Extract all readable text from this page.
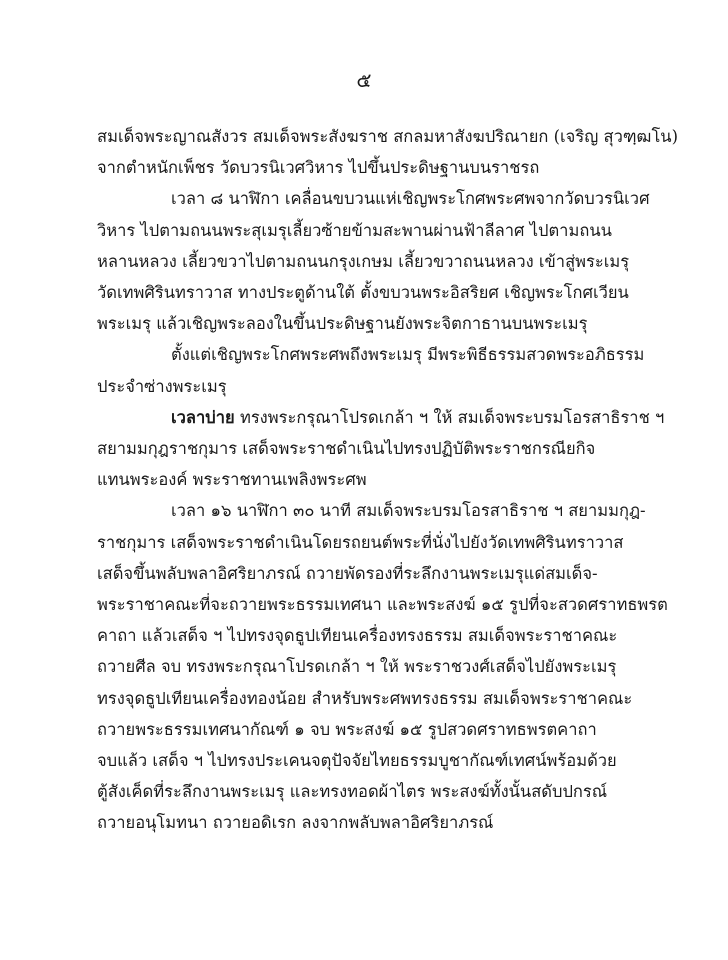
๕
สมเด็จพระญาณสังวร สมเด็จพระสังฆราช สกลมหาสังฆปริณายก (เจริญ สุวฑฺฒโน)
จากตำหนักเพ็ชร วัดบวรนิเวศวิหาร ไปขึ้นประดิษฐานบนราชรถ
เวลา ๘ นาฬิกา เคลื่อนขบวนแห่เชิญพระโกศพระศพจากวัดบวรนิเวศ
วิหาร ไปตามถนนพระสุเมรุเลี้ยวซ้ายข้ามสะพานผ่านฟ้าลีลาศ ไปตามถนน
หลานหลวง เลี้ยวขวาไปตามถนนกรุงเกษม เลี้ยวขวาถนนหลวง เข้าสู่พระเมรุ
วัดเทพศิรินทราวาส ทางประตูด้านใต้ ตั้งขบวนพระอิสริยศ เชิญพระโกศเวียน
พระเมรุ แล้วเชิญพระลองในขึ้นประดิษฐานยังพระจิตกาธานบนพระเมรุ
ตั้งแต่เชิญพระโกศพระศพถึงพระเมรุ มีพระพิธีธรรมสวดพระอภิธรรม
ประจำซ่างพระเมรุ
เวลาบ่าย ทรงพระกรุณาโปรดเกล้า ฯ ให้ สมเด็จพระบรมโอรสาธิราช ฯ
สยามมกุฎราชกุมาร เสด็จพระราชดำเนินไปทรงปฏิบัติพระราชกรณียกิจ
แทนพระองค์ พระราชทานเพลิงพระศพ
เวลา ๑๖ นาฬิกา ๓๐ นาที สมเด็จพระบรมโอรสาธิราช ฯ สยามมกุฎ-
ราชกุมาร เสด็จพระราชดำเนินโดยรถยนต์พระที่นั่งไปยังวัดเทพศิรินทราวาส
เสด็จขึ้นพลับพลาอิศริยาภรณ์ ถวายพัดรองที่ระลึกงานพระเมรุแด่สมเด็จ-
พระราชาคณะที่จะถวายพระธรรมเทศนา และพระสงฆ์ ๑๕ รูปที่จะสวดศราทธพรต
คาถา แล้วเสด็จ ฯ ไปทรงจุดธูปเทียนเครื่องทรงธรรม สมเด็จพระราชาคณะ
ถวายศีล จบ ทรงพระกรุณาโปรดเกล้า ฯ ให้ พระราชวงศ์เสด็จไปยังพระเมรุ
ทรงจุดธูปเทียนเครื่องทองน้อย สำหรับพระศพทรงธรรม สมเด็จพระราชาคณะ
ถวายพระธรรมเทศนากัณฑ์ ๑ จบ พระสงฆ์ ๑๕ รูปสวดศราทธพรตคาถา
จบแล้ว เสด็จ ฯ ไปทรงประเคนจตุปัจจัยไทยธรรมบูชากัณฑ์เทศน์พร้อมด้วย
ตู้สังเค็ดที่ระลึกงานพระเมรุ และทรงทอดผ้าไตร พระสงฆ์ทั้งนั้นสดับปกรณ์
ถวายอนุโมทนา ถวายอดิเรก ลงจากพลับพลาอิศริยาภรณ์
